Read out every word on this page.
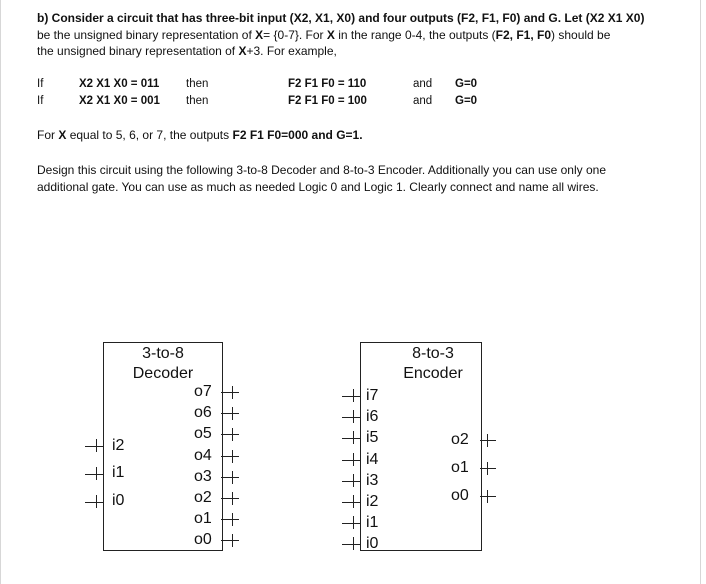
b) Consider a circuit that has three-bit input (X2, X1, X0) and four outputs (F2, F1, F0) and G. Let (X2 X1 X0)
be the unsigned binary representation of X= {0-7}. For X in the range 0-4, the outputs (F2, F1, F0) should be
the unsigned binary representation of X+3. For example,
If	X2 X1 X0 = 011 then	F2 F1 F0 = 110	and G=0
If	X2 X1 X0 = 001 then	F2 F1 F0 = 100	and G=0
For X equal to 5, 6, or 7, the outputs F2 F1 F0=000 and G=1.
Design this circuit using the following 3-to-8 Decoder and 8-to-3 Encoder. Additionally you can use only one
additional gate. You can use as much as needed Logic 0 and Logic 1. Clearly connect and name all wires.
3-to-8
Decoder
i2
i1
i0
o7
o6
o5
o4
o3
o2
o1
o0
8-to-3
Encoder
i7
i6
i5
i4
i3
i2
i1
i0
o2
o1
o0
